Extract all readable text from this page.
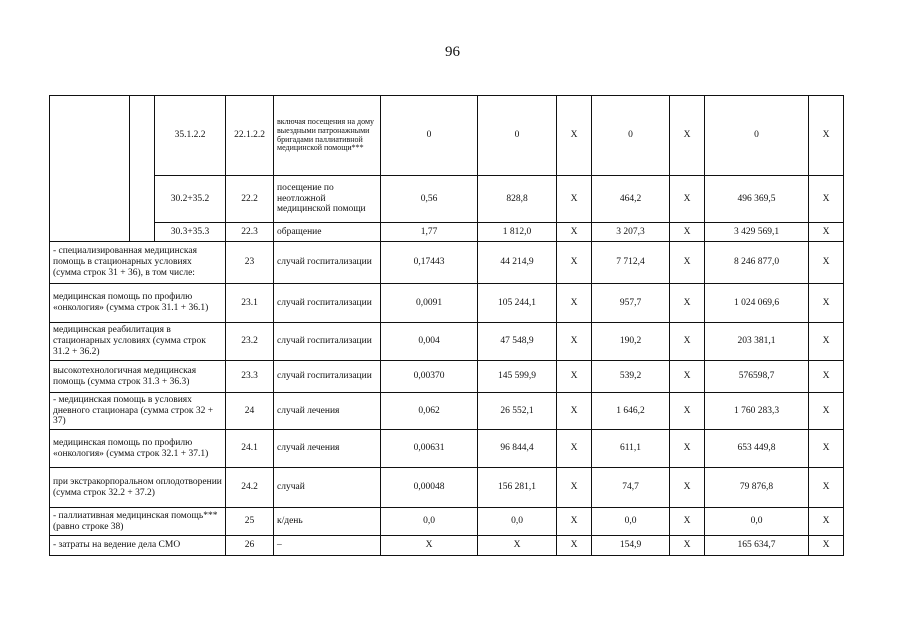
96
		35.1.2.2	22.1.2.2	включая посещения на дому выездными патронажными бригадами паллиативной медицинской помощи***	0	0	X	0	X	0	X
		30.2+35.2	22.2	посещение по неотложной медицинской помощи	0,56	828,8	X	464,2	X	496 369,5	X
		30.3+35.3	22.3	обращение	1,77	1 812,0	X	3 207,3	X	3 429 569,1	X
- специализированная медицинская помощь в стационарных условиях (сумма строк 31 + 36), в том числе:			23	случай госпитализации	0,17443	44 214,9	X	7 712,4	X	8 246 877,0	X
медицинская помощь по профилю «онкология» (сумма строк 31.1 + 36.1)			23.1	случай госпитализации	0,0091	105 244,1	X	957,7	X	1 024 069,6	X
медицинская реабилитация в стационарных условиях (сумма строк 31.2 + 36.2)			23.2	случай госпитализации	0,004	47 548,9	X	190,2	X	203 381,1	X
высокотехнологичная медицинская помощь (сумма строк 31.3 + 36.3)			23.3	случай госпитализации	0,00370	145 599,9	X	539,2	X	576598,7	X
- медицинская помощь в условиях дневного стационара (сумма строк 32 + 37)			24	случай лечения	0,062	26 552,1	X	1 646,2	X	1 760 283,3	X
медицинская помощь по профилю «онкология» (сумма строк 32.1 + 37.1)			24.1	случай лечения	0,00631	96 844,4	X	611,1	X	653 449,8	X
при экстракорпоральном оплодотворении (сумма строк 32.2 + 37.2)			24.2	случай	0,00048	156 281,1	X	74,7	X	79 876,8	X
- паллиативная медицинская помощь*** (равно строке 38)			25	к/день	0,0	0,0	X	0,0	X	0,0	X
- затраты на ведение дела СМО			26	–	X	X	X	154,9	X	165 634,7	X
